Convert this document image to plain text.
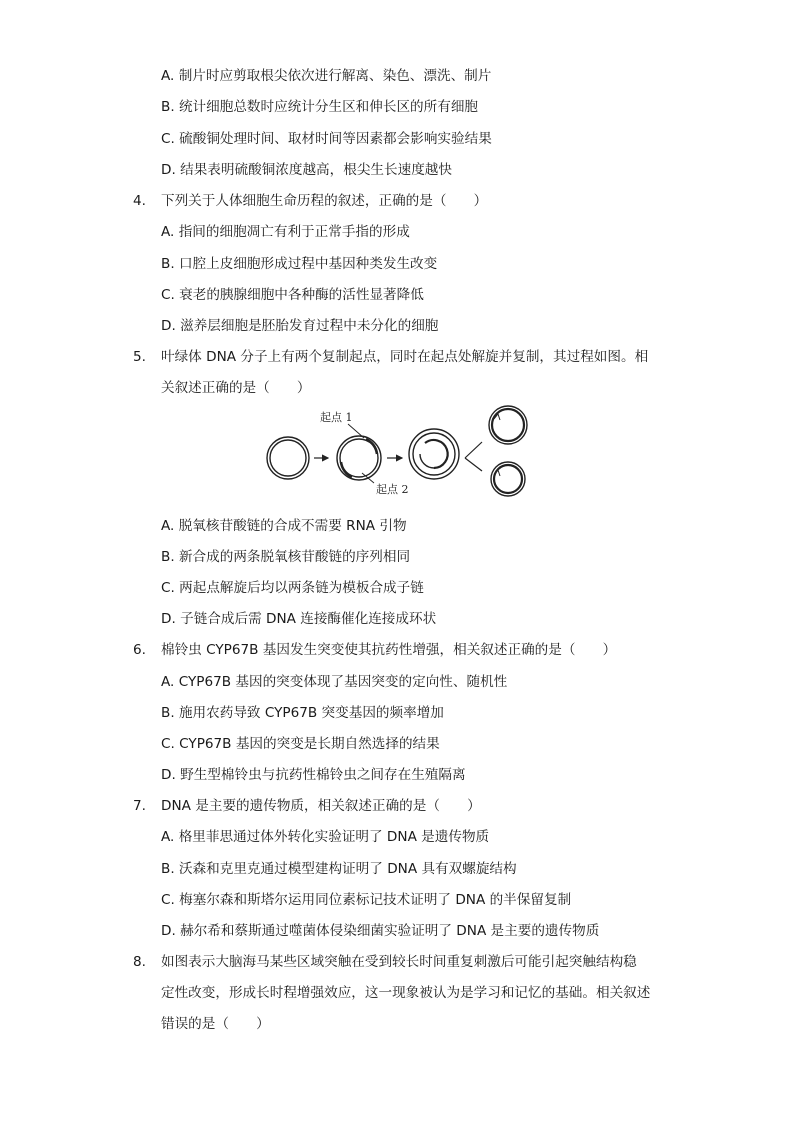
A. 制片时应剪取根尖依次进行解离、染色、漂洗、制片
B. 统计细胞总数时应统计分生区和伸长区的所有细胞
C. 硫酸铜处理时间、取材时间等因素都会影响实验结果
D. 结果表明硫酸铜浓度越高，根尖生长速度越快
4. 下列关于人体细胞生命历程的叙述，正确的是（　　）
A. 指间的细胞凋亡有利于正常手指的形成
B. 口腔上皮细胞形成过程中基因种类发生改变
C. 衰老的胰腺细胞中各种酶的活性显著降低
D. 滋养层细胞是胚胎发育过程中未分化的细胞
5. 叶绿体 DNA 分子上有两个复制起点，同时在起点处解旋并复制，其过程如图。相
关叙述正确的是（　　）
起点 1
起点 2
A. 脱氧核苷酸链的合成不需要 RNA 引物
B. 新合成的两条脱氧核苷酸链的序列相同
C. 两起点解旋后均以两条链为模板合成子链
D. 子链合成后需 DNA 连接酶催化连接成环状
6. 棉铃虫 CYP67B 基因发生突变使其抗药性增强，相关叙述正确的是（　　）
A. CYP67B 基因的突变体现了基因突变的定向性、随机性
B. 施用农药导致 CYP67B 突变基因的频率增加
C. CYP67B 基因的突变是长期自然选择的结果
D. 野生型棉铃虫与抗药性棉铃虫之间存在生殖隔离
7. DNA 是主要的遗传物质，相关叙述正确的是（　　）
A. 格里菲思通过体外转化实验证明了 DNA 是遗传物质
B. 沃森和克里克通过模型建构证明了 DNA 具有双螺旋结构
C. 梅塞尔森和斯塔尔运用同位素标记技术证明了 DNA 的半保留复制
D. 赫尔希和蔡斯通过噬菌体侵染细菌实验证明了 DNA 是主要的遗传物质
8. 如图表示大脑海马某些区域突触在受到较长时间重复刺激后可能引起突触结构稳
定性改变，形成长时程增强效应，这一现象被认为是学习和记忆的基础。相关叙述
错误的是（　　）
